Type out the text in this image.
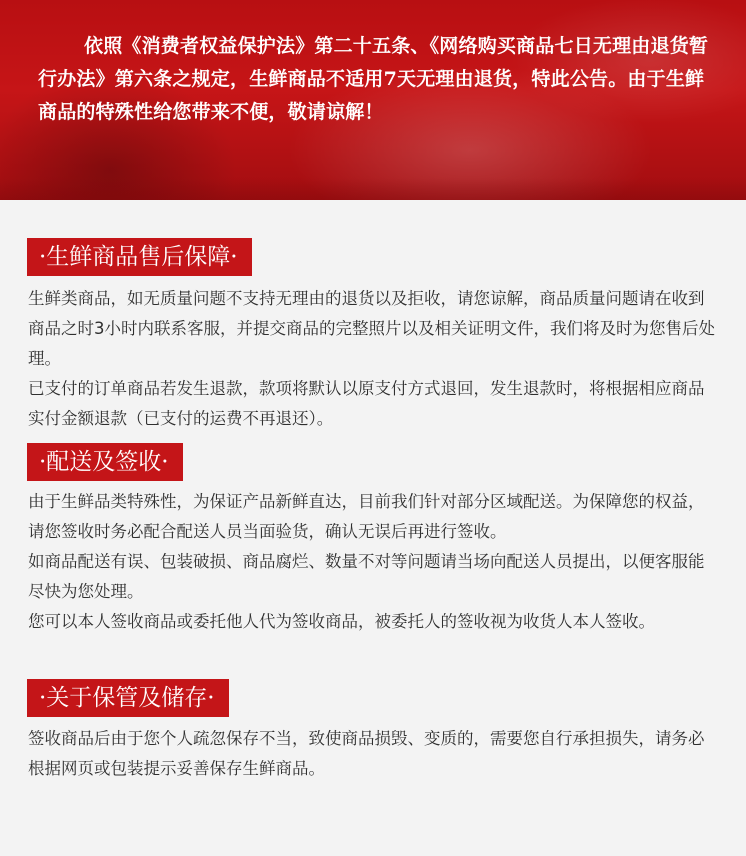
依照《消费者权益保护法》第二十五条、《网络购买商品七日无理由退货暂行办法》第六条之规定，生鲜商品不适用7天无理由退货，特此公告。由于生鲜商品的特殊性给您带来不便，敬请谅解！

·生鲜商品售后保障·

生鲜类商品，如无质量问题不支持无理由的退货以及拒收，请您谅解，商品质量问题请在收到商品之时3小时内联系客服，并提交商品的完整照片以及相关证明文件，我们将及时为您售后处理。

已支付的订单商品若发生退款，款项将默认以原支付方式退回，发生退款时，将根据相应商品实付金额退款（已支付的运费不再退还）。

·配送及签收·

由于生鲜品类特殊性，为保证产品新鲜直达，目前我们针对部分区域配送。为保障您的权益，请您签收时务必配合配送人员当面验货，确认无误后再进行签收。

如商品配送有误、包装破损、商品腐烂、数量不对等问题请当场向配送人员提出，以便客服能尽快为您处理。

您可以本人签收商品或委托他人代为签收商品，被委托人的签收视为收货人本人签收。

·关于保管及储存·

签收商品后由于您个人疏忽保存不当，致使商品损毁、变质的，需要您自行承担损失，请务必根据网页或包装提示妥善保存生鲜商品。
